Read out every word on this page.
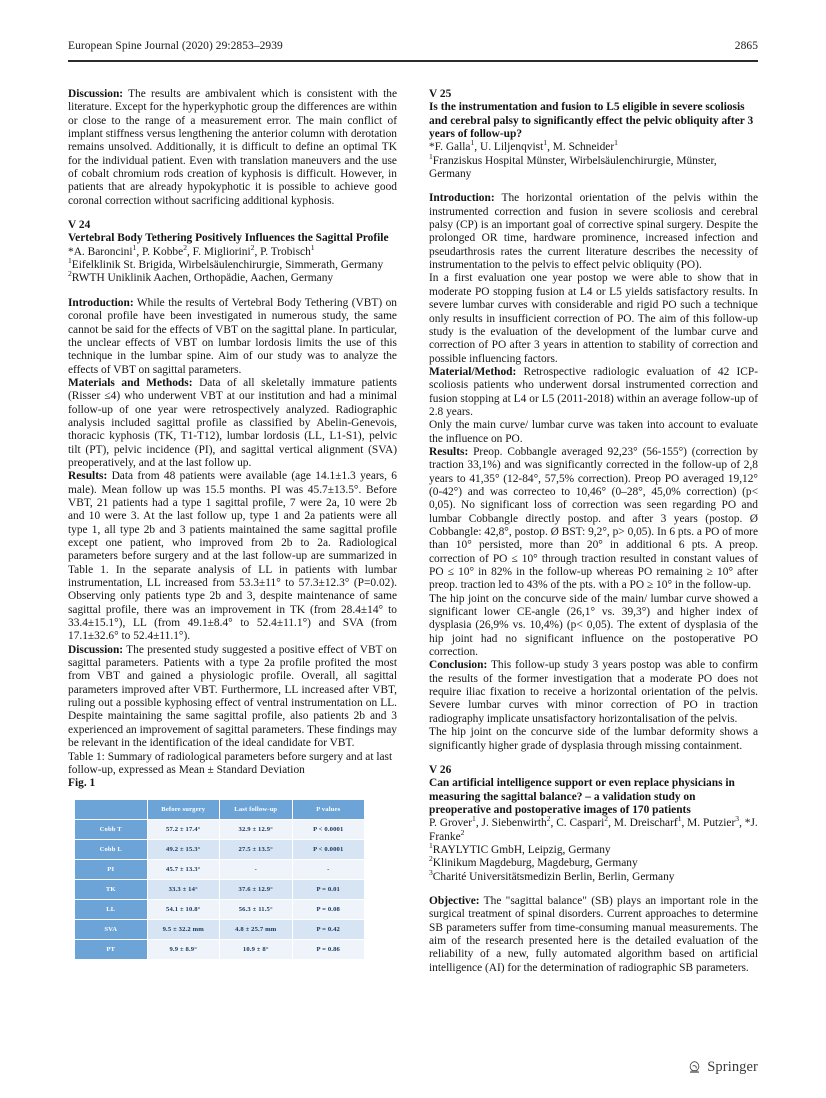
European Spine Journal (2020) 29:2853–2939	2865

Discussion: The results are ambivalent which is consistent with the literature. Except for the hyperkyphotic group the differences are within or close to the range of a measurement error. The main conflict of implant stiffness versus lengthening the anterior column with derotation remains unsolved. Additionally, it is difficult to define an optimal TK for the individual patient. Even with translation maneuvers and the use of cobalt chromium rods creation of kyphosis is difficult. However, in patients that are already hypokyphotic it is possible to achieve good coronal correction without sacrificing additional kyphosis.

V 24

Vertebral Body Tethering Positively Influences the Sagittal Profile

*A. Baroncini$^1$, P. Kobbe$^2$, F. Migliorini$^2$, P. Trobisch$^1$

$^1$Eifelklinik St. Brigida, Wirbelsäulenchirurgie, Simmerath, Germany

$^2$RWTH Uniklinik Aachen, Orthopädie, Aachen, Germany

Introduction: While the results of Vertebral Body Tethering (VBT) on coronal profile have been investigated in numerous study, the same cannot be said for the effects of VBT on the sagittal plane. In particular, the unclear effects of VBT on lumbar lordosis limits the use of this technique in the lumbar spine. Aim of our study was to analyze the effects of VBT on sagittal parameters.

Materials and Methods: Data of all skeletally immature patients (Risser ≤4) who underwent VBT at our institution and had a minimal follow-up of one year were retrospectively analyzed. Radiographic analysis included sagittal profile as classified by Abelin-Genevois, thoracic kyphosis (TK, T1-T12), lumbar lordosis (LL, L1-S1), pelvic tilt (PT), pelvic incidence (PI), and sagittal vertical alignment (SVA) preoperatively, and at the last follow up.

Results: Data from 48 patients were available (age 14.1±1.3 years, 6 male). Mean follow up was 15.5 months. PI was 45.7±13.5°. Before VBT, 21 patients had a type 1 sagittal profile, 7 were 2a, 10 were 2b and 10 were 3. At the last follow up, type 1 and 2a patients were all type 1, all type 2b and 3 patients maintained the same sagittal profile except one patient, who improved from 2b to 2a. Radiological parameters before surgery and at the last follow-up are summarized in Table 1. In the separate analysis of LL in patients with lumbar instrumentation, LL increased from 53.3±11° to 57.3±12.3° (P=0.02). Observing only patients type 2b and 3, despite maintenance of same sagittal profile, there was an improvement in TK (from 28.4±14° to 33.4±15.1°), LL (from 49.1±8.4° to 52.4±11.1°) and SVA (from 17.1±32.6° to 52.4±11.1°).

Discussion: The presented study suggested a positive effect of VBT on sagittal parameters. Patients with a type 2a profile profited the most from VBT and gained a physiologic profile. Overall, all sagittal parameters improved after VBT. Furthermore, LL increased after VBT, ruling out a possible kyphosing effect of ventral instrumentation on LL. Despite maintaining the same sagittal profile, also patients 2b and 3 experienced an improvement of sagittal parameters. These findings may be relevant in the identification of the ideal candidate for VBT.

Table 1: Summary of radiological parameters before surgery and at last follow-up, expressed as Mean ± Standard Deviation

Fig. 1

	Before surgery	Last follow-up	P values
Cobb T	57.2 ± 17.4°	32.9 ± 12.9°	P < 0.0001
Cobb L	49.2 ± 15.3°	27.5 ± 13.5°	P < 0.0001
PI	45.7 ± 13.3°	-	-
TK	33.3 ± 14°	37.6 ± 12.9°	P = 0.01
LL	54.1 ± 10.8°	56.3 ± 11.5°	P = 0.08
SVA	9.5 ± 32.2 mm	4.8 ± 25.7 mm	P = 0.42
PT	9.9 ± 8.9°	10.9 ± 8°	P = 0.86

V 25

Is the instrumentation and fusion to L5 eligible in severe scoliosis and cerebral palsy to significantly effect the pelvic obliquity after 3 years of follow-up?

*F. Galla$^1$, U. Liljenqvist$^1$, M. Schneider$^1$

$^1$Franziskus Hospital Münster, Wirbelsäulenchirurgie, Münster, Germany

Introduction: The horizontal orientation of the pelvis within the instrumented correction and fusion in severe scoliosis and cerebral palsy (CP) is an important goal of corrective spinal surgery. Despite the prolonged OR time, hardware prominence, increased infection and pseudarthrosis rates the current literature describes the necessity of instrumentation to the pelvis to effect pelvic obliquity (PO).

In a first evaluation one year postop we were able to show that in moderate PO stopping fusion at L4 or L5 yields satisfactory results. In severe lumbar curves with considerable and rigid PO such a technique only results in insufficient correction of PO. The aim of this follow-up study is the evaluation of the development of the lumbar curve and correction of PO after 3 years in attention to stability of correction and possible influencing factors.

Material/Method: Retrospective radiologic evaluation of 42 ICP-scoliosis patients who underwent dorsal instrumented correction and fusion stopping at L4 or L5 (2011-2018) within an average follow-up of 2.8 years.

Only the main curve/ lumbar curve was taken into account to evaluate the influence on PO.

Results: Preop. Cobbangle averaged 92,23° (56-155°) (correction by traction 33,1%) and was significantly corrected in the follow-up of 2,8 years to 41,35° (12-84°, 57,5% correction). Preop PO averaged 19,12° (0-42°) and was correcteo to 10,46° (0–28°, 45,0% correction) (p< 0,05). No significant loss of correction was seen regarding PO and lumbar Cobbangle directly postop. and after 3 years (postop. Ø Cobbangle: 42,8°, postop. Ø BST: 9,2°, p> 0,05). In 6 pts. a PO of more than 10° persisted, more than 20° in additional 6 pts. A preop. correction of PO ≤ 10° through traction resulted in constant values of PO ≤ 10° in 82% in the follow-up whereas PO remaining ≥ 10° after preop. traction led to 43% of the pts. with a PO ≥ 10° in the follow-up.

The hip joint on the concurve side of the main/ lumbar curve showed a significant lower CE-angle (26,1° vs. 39,3°) and higher index of dysplasia (26,9% vs. 10,4%) (p< 0,05). The extent of dysplasia of the hip joint had no significant influence on the postoperative PO correction.

Conclusion: This follow-up study 3 years postop was able to confirm the results of the former investigation that a moderate PO does not require iliac fixation to receive a horizontal orientation of the pelvis. Severe lumbar curves with minor correction of PO in traction radiography implicate unsatisfactory horizontalisation of the pelvis.

The hip joint on the concurve side of the lumbar deformity shows a significantly higher grade of dysplasia through missing containment.

V 26

Can artificial intelligence support or even replace physicians in measuring the sagittal balance? – a validation study on preoperative and postoperative images of 170 patients

P. Grover$^1$, J. Siebenwirth$^2$, C. Caspari$^2$, M. Dreischarf$^1$, M. Putzier$^3$, *J. Franke$^2$

$^1$RAYLYTIC GmbH, Leipzig, Germany

$^2$Klinikum Magdeburg, Magdeburg, Germany

$^3$Charité Universitätsmedizin Berlin, Berlin, Germany

Objective: The "sagittal balance" (SB) plays an important role in the surgical treatment of spinal disorders. Current approaches to determine SB parameters suffer from time-consuming manual measurements. The aim of the research presented here is the detailed evaluation of the reliability of a new, fully automated algorithm based on artificial intelligence (AI) for the determination of radiographic SB parameters.

Springer
